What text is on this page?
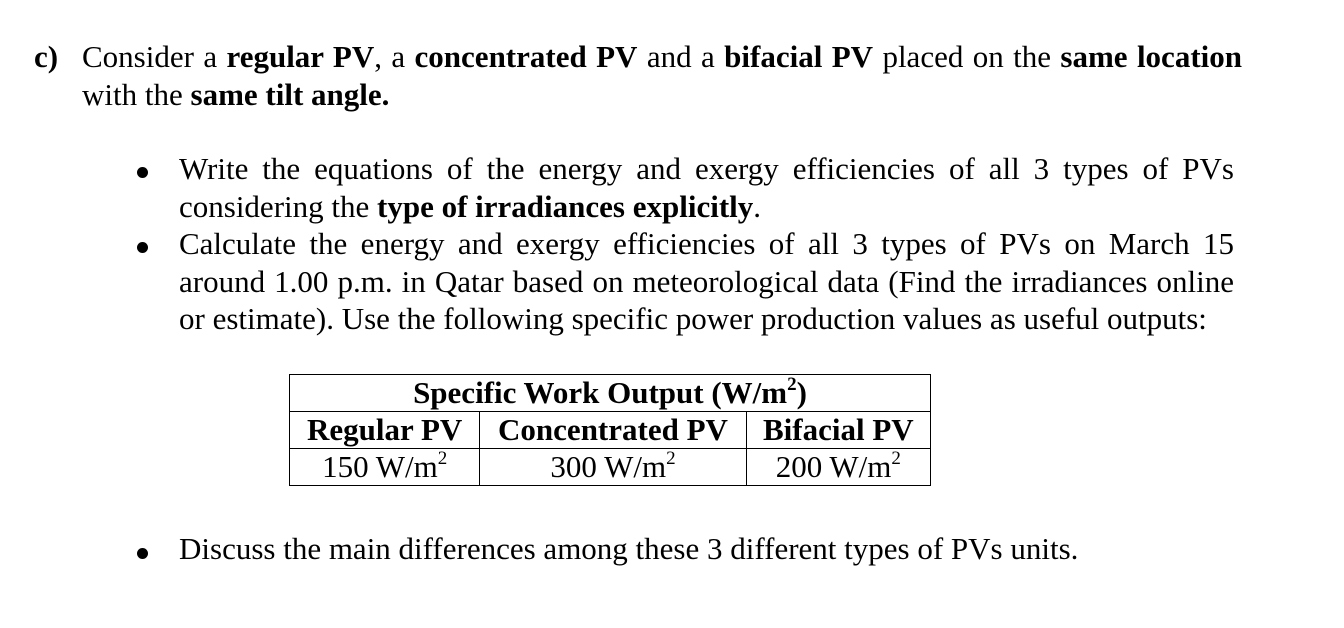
c) Consider a regular PV, a concentrated PV and a bifacial PV placed on the same location with the same tilt angle.
Write the equations of the energy and exergy efficiencies of all 3 types of PVs considering the type of irradiances explicitly.
Calculate the energy and exergy efficiencies of all 3 types of PVs on March 15 around 1.00 p.m. in Qatar based on meteorological data (Find the irradiances online or estimate). Use the following specific power production values as useful outputs:
Specific Work Output $(W/m^2)$		
Regular PV	Concentrated PV	Bifacial PV
150 $W/m^2$	300 $W/m^2$	200 $W/m^2$
Discuss the main differences among these 3 different types of PVs units.
